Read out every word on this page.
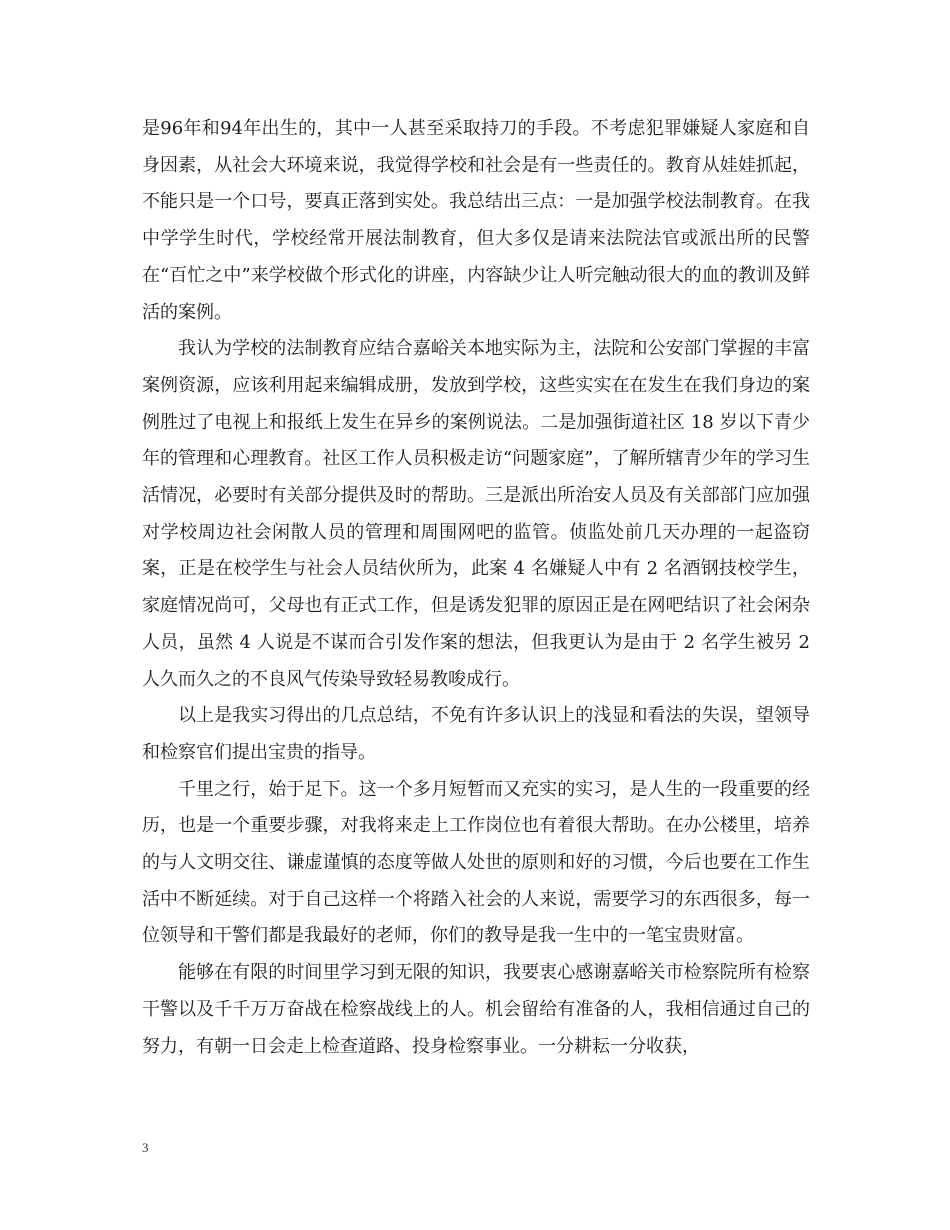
是96年和94年出生的，其中一人甚至采取持刀的手段。不考虑犯罪嫌疑人家庭和自身因素，从社会大环境来说，我觉得学校和社会是有一些责任的。教育从娃娃抓起，不能只是一个口号，要真正落到实处。我总结出三点：一是加强学校法制教育。在我中学学生时代，学校经常开展法制教育，但大多仅是请来法院法官或派出所的民警在“百忙之中”来学校做个形式化的讲座，内容缺少让人听完触动很大的血的教训及鲜活的案例。

我认为学校的法制教育应结合嘉峪关本地实际为主，法院和公安部门掌握的丰富案例资源，应该利用起来编辑成册，发放到学校，这些实实在在发生在我们身边的案例胜过了电视上和报纸上发生在异乡的案例说法。二是加强街道社区 18 岁以下青少年的管理和心理教育。社区工作人员积极走访“问题家庭”，了解所辖青少年的学习生活情况，必要时有关部分提供及时的帮助。三是派出所治安人员及有关部部门应加强对学校周边社会闲散人员的管理和周围网吧的监管。侦监处前几天办理的一起盗窃案，正是在校学生与社会人员结伙所为，此案 4 名嫌疑人中有 2 名酒钢技校学生，家庭情况尚可，父母也有正式工作，但是诱发犯罪的原因正是在网吧结识了社会闲杂人员，虽然 4 人说是不谋而合引发作案的想法，但我更认为是由于 2 名学生被另 2 人久而久之的不良风气传染导致轻易教唆成行。

以上是我实习得出的几点总结，不免有许多认识上的浅显和看法的失误，望领导和检察官们提出宝贵的指导。

千里之行，始于足下。这一个多月短暂而又充实的实习，是人生的一段重要的经历，也是一个重要步骤，对我将来走上工作岗位也有着很大帮助。在办公楼里，培养的与人文明交往、谦虚谨慎的态度等做人处世的原则和好的习惯，今后也要在工作生活中不断延续。对于自己这样一个将踏入社会的人来说，需要学习的东西很多，每一位领导和干警们都是我最好的老师，你们的教导是我一生中的一笔宝贵财富。

能够在有限的时间里学习到无限的知识，我要衷心感谢嘉峪关市检察院所有检察干警以及千千万万奋战在检察战线上的人。机会留给有准备的人，我相信通过自己的努力，有朝一日会走上检查道路、投身检察事业。一分耕耘一分收获，

3
